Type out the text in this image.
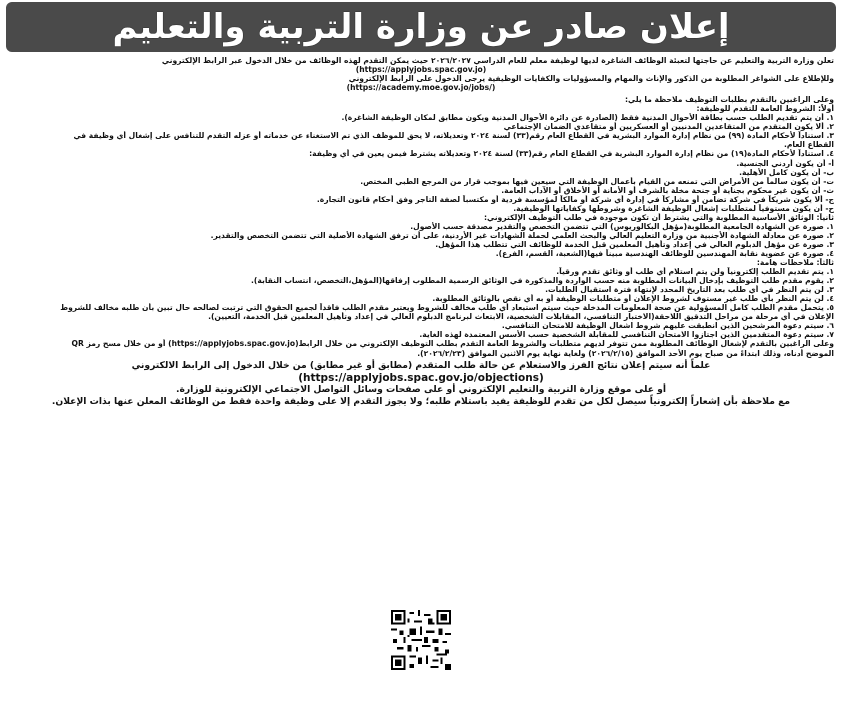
إعلان صادر عن وزارة التربية والتعليم
تعلن وزارة التربية والتعليم عن حاجتها لتعبئة الوظائف الشاغرة لديها لوظيفة معلم للعام الدراسي ٢٠٢٦/٢٠٢٧ حيث يمكن التقدم لهذه الوظائف من خلال الدخول عبر الرابط الإلكتروني
(https://applyjobs.spac.gov.jo)
وللإطلاع على الشواغر المطلوبة من الذكور والإناث والمهام والمسؤوليات والكفايات الوظيفية يرجى الدخول على الرابط الإلكتروني
(https://academy.moe.gov.jo/jobs/)
وعلى الراغبين بالتقدم بطلبات التوظيف ملاحظة ما يلي:
أولاً: الشروط العامة للتقدم للوظيفة:
١. أن يتم تقديم الطلب حسب بطاقة الأحوال المدنية فقط (الصادرة عن دائرة الأحوال المدنية ويكون مطابق لمكان الوظيفة الشاغرة).
٢. ألا يكون المتقدم من المتقاعدين المدنيين أو العسكريين أو متقاعدي الضمان الإجتماعي
٣. استناداً لأحكام المادة (٩٩) من نظام إدارة الموارد البشرية في القطاع العام رقم(٣٣) لسنة ٢٠٢٤ وتعديلاته، لا يحق للموظف الذي تم الاستغناء عن خدماته أو عزله التقدم للتنافس على إشغال أي وظيفة في
القطاع العام.
٤. استناداً لأحكام المادة(١٩) من نظام إدارة الموارد البشرية في القطاع العام رقم(٣٣) لسنة ٢٠٢٤ وتعديلاته يشترط فيمن يعين في أي وظيفة:
أ- أن يكون أردني الجنسية.
ب- أن يكون كامل الأهلية.
ت- أن يكون سالماً من الأمراض التي تمنعه من القيام بأعمال الوظيفة التي سيعين فيها بموجب قرار من المرجع الطبي المختص.
ث- أن يكون غير محكوم بجناية أو جنحة مخلة بالشرف أو الأمانة أو الأخلاق أو الآداب العامة.
ج- ألا يكون شريكاً في شركة تضامن أو مشاركاً في إدارة أي شركة أو مالكاً لمؤسسة فردية أو مكتسباً لصفة التاجر وفق أحكام قانون التجارة.
ح- أن يكون مستوفياً لمتطلبات إشغال الوظيفة الشاغرة وشروطها وكفاياتها الوظيفية.
ثانياً: الوثائق الأساسية المطلوبة والتي يشترط أن تكون موجودة في طلب التوظيف الإلكتروني:
١. صورة عن الشهادة الجامعية المطلوبة(مؤهل البكالوريوس) التي تتضمن التخصص والتقدير مصدقة حسب الأصول.
٢. صورة عن معادلة الشهادة الأجنبية من وزارة التعليم العالي والبحث العلمي لحملة الشهادات غير الأردنية، على أن ترفق الشهادة الأصلية التي تتضمن التخصص والتقدير.
٣. صورة عن مؤهل الدبلوم العالي في إعداد وتأهيل المعلمين قبل الخدمة للوظائف التي تتطلب هذا المؤهل.
٤. صورة عن عضوية نقابة المهندسين للوظائف الهندسية مبيناً فيها(الشعبة، القسم، الفرع).
ثالثاً: ملاحظات هامة:
١. يتم تقديم الطلب إلكترونياً ولن يتم استلام أي طلب أو وثائق تقدم ورقياً.
٢. يقوم مقدم طلب التوظيف بإدخال البيانات المطلوبة منه حسب الواردة والمذكورة في الوثائق الرسمية المطلوب إرفاقها(المؤهل،التخصص، انتساب النقابة).
٣. لن يتم النظر في أي طلب بعد التاريخ المحدد لإنتهاء فترة استقبال الطلبات.
٤. لن يتم النظر بأي طلب غير مستوف لشروط الإعلان أو متطلبات الوظيفة أو به أي نقص بالوثائق المطلوبة.
٥. يتحمل مقدم الطلب كامل المسؤولية عن صحة المعلومات المدخلة حيث سيتم استبعاد أي طلب مخالف للشروط ويعتبر مقدم الطلب فاقداً لجميع الحقوق التي ترتبت لصالحه حال تبين بأن طلبه مخالف للشروط
الإعلان في أي مرحلة من مراحل التدقيق اللاحقة(الاختبار التنافسي، المقابلات الشخصية، الابتعاث لبرنامج الدبلوم العالي في إعداد وتأهيل المعلمين قبل الخدمة، التعيين).
٦. سيتم دعوة المرشحين الذين انطبقت عليهم شروط اشغال الوظيفة للامتحان التنافسي.
٧. سيتم دعوة المتقدمين الذين اجتازوا الامتحان التنافسي للمقابلة الشخصية حسب الأسس المعتمدة لهذه الغاية.
وعلى الراغبين بالتقدم لإشغال الوظائف المطلوبة ممن تتوفر لديهم متطلبات والشروط العامة التقدم بطلب التوظيف الإلكتروني من خلال الرابط(https://applyjobs.spac.gov.jo) أو من خلال مسح رمز QR
الموضح أدناه، وذلك ابتداءً من صباح يوم الأحد الموافق (٢٠٢٦/٢/١٥) ولغاية نهاية يوم الاثنين الموافق (٢٠٢٦/٢/٢٣).
علماً أنه سيتم إعلان نتائج الفرز والاستعلام عن حالة طلب المتقدم (مطابق أو غير مطابق) من خلال الدخول إلى الرابط الالكتروني
(https://applyjobs.spac.gov.jo/objections)
أو على موقع وزارة التربية والتعليم الإلكتروني أو على صفحات وسائل التواصل الاجتماعي الإلكترونية للوزارة.
مع ملاحظة بأن إشعاراً إلكترونياً سيصل لكل من تقدم للوظيفة يفيد باستلام طلبه؛ ولا يجوز التقدم إلا على وظيفة واحدة فقط من الوظائف المعلن عنها بذات الإعلان.
